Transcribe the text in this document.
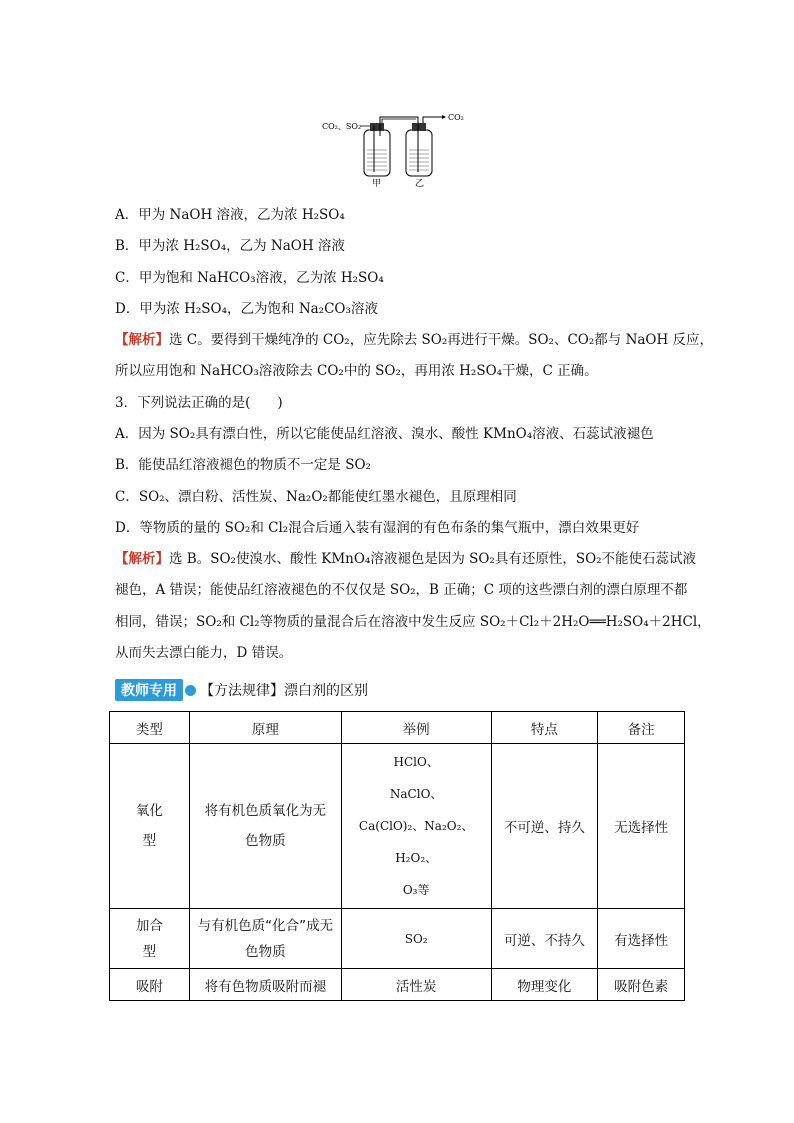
CO₂、SO₂
CO₂
甲	乙
A．甲为 NaOH 溶液，乙为浓 H₂SO₄
B．甲为浓 H₂SO₄，乙为 NaOH 溶液
C．甲为饱和 NaHCO₃溶液，乙为浓 H₂SO₄
D．甲为浓 H₂SO₄，乙为饱和 Na₂CO₃溶液
【解析】选 C。要得到干燥纯净的 CO₂，应先除去 SO₂再进行干燥。SO₂、CO₂都与 NaOH 反应，
所以应用饱和 NaHCO₃溶液除去 CO₂中的 SO₂，再用浓 H₂SO₄干燥，C 正确。
3．下列说法正确的是(　　)
A．因为 SO₂具有漂白性，所以它能使品红溶液、溴水、酸性 KMnO₄溶液、石蕊试液褪色
B．能使品红溶液褪色的物质不一定是 SO₂
C．SO₂、漂白粉、活性炭、Na₂O₂都能使红墨水褪色，且原理相同
D．等物质的量的 SO₂和 Cl₂混合后通入装有湿润的有色布条的集气瓶中，漂白效果更好
【解析】选 B。SO₂使溴水、酸性 KMnO₄溶液褪色是因为 SO₂具有还原性，SO₂不能使石蕊试液
褪色，A 错误；能使品红溶液褪色的不仅仅是 SO₂，B 正确；C 项的这些漂白剂的漂白原理不都
相同，错误；SO₂和 Cl₂等物质的量混合后在溶液中发生反应 SO₂＋Cl₂＋2H₂O══H₂SO₄＋2HCl，
从而失去漂白能力，D 错误。
教师专用	【方法规律】漂白剂的区别
类型	原理	举例	特点	备注

氧化型	将有机色质氧化为无色物质	HClO、
NaClO、
Ca(ClO)₂、Na₂O₂、
H₂O₂、
O₃等	不可逆、持久	无选择性

加合型	与有机色质“化合”成无色物质	SO₂	可逆、不持久	有选择性
吸附	将有色物质吸附而褪	活性炭	物理变化	吸附色素
